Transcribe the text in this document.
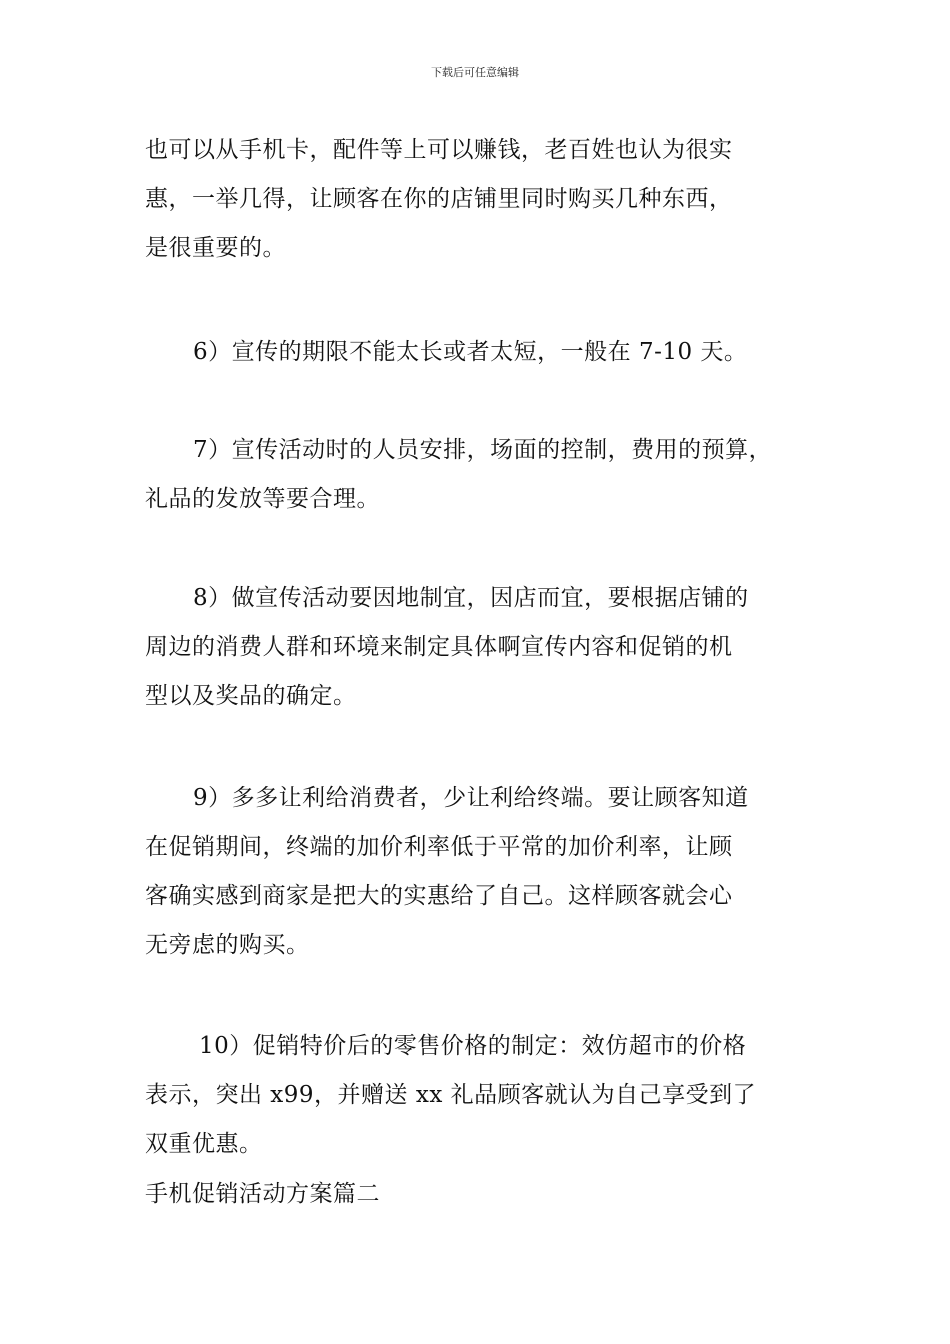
下载后可任意编辑
也可以从手机卡，配件等上可以赚钱，老百姓也认为很实
惠，一举几得，让顾客在你的店铺里同时购买几种东西，
是很重要的。
6）宣传的期限不能太长或者太短，一般在 7-10 天。
7）宣传活动时的人员安排，场面的控制，费用的预算，
礼品的发放等要合理。
8）做宣传活动要因地制宜，因店而宜，要根据店铺的
周边的消费人群和环境来制定具体啊宣传内容和促销的机
型以及奖品的确定。
9）多多让利给消费者，少让利给终端。要让顾客知道
在促销期间，终端的加价利率低于平常的加价利率，让顾
客确实感到商家是把大的实惠给了自己。这样顾客就会心
无旁虑的购买。
10）促销特价后的零售价格的制定：效仿超市的价格
表示，突出 x99，并赠送 xx 礼品顾客就认为自己享受到了
双重优惠。
手机促销活动方案篇二
